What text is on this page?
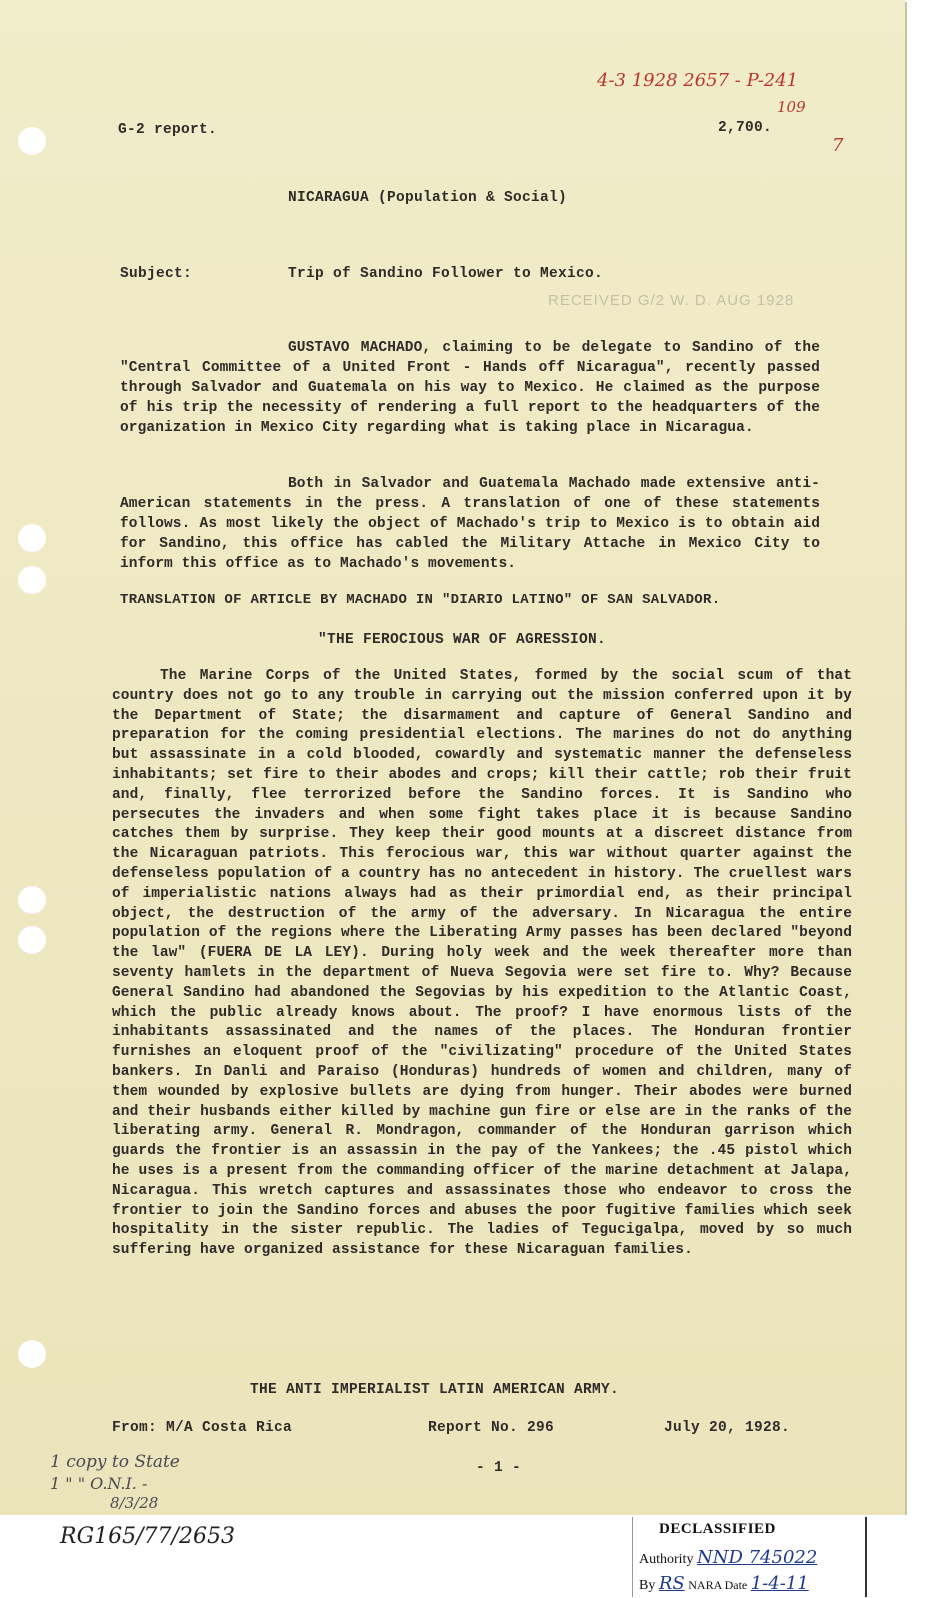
4-3 1928 2657 - P-241
109
7
G-2 report.	2,700.
NICARAGUA (Population & Social)
Subject:	Trip of Sandino Follower to Mexico.
RECEIVED G/2 W. D. AUG 1928
GUSTAVO MACHADO, claiming to be delegate to Sandino of the "Central Committee of a United Front - Hands off Nicaragua", recently passed through Salvador and Guatemala on his way to Mexico. He claimed as the purpose of his trip the necessity of rendering a full report to the headquarters of the organization in Mexico City regarding what is taking place in Nicaragua.
Both in Salvador and Guatemala Machado made extensive anti-American statements in the press. A translation of one of these statements follows. As most likely the object of Machado's trip to Mexico is to obtain aid for Sandino, this office has cabled the Military Attache in Mexico City to inform this office as to Machado's movements.
TRANSLATION OF ARTICLE BY MACHADO IN "DIARIO LATINO" OF SAN SALVADOR.
"THE FEROCIOUS WAR OF AGRESSION.
The Marine Corps of the United States, formed by the social scum of that country does not go to any trouble in carrying out the mission conferred upon it by the Department of State; the disarmament and capture of General Sandino and preparation for the coming presidential elections. The marines do not do anything but assassinate in a cold blooded, cowardly and systematic manner the defenseless inhabitants; set fire to their abodes and crops; kill their cattle; rob their fruit and, finally, flee terrorized before the Sandino forces. It is Sandino who persecutes the invaders and when some fight takes place it is because Sandino catches them by surprise. They keep their good mounts at a discreet distance from the Nicaraguan patriots. This ferocious war, this war without quarter against the defenseless population of a country has no antecedent in history. The cruellest wars of imperialistic nations always had as their primordial end, as their principal object, the destruction of the army of the adversary. In Nicaragua the entire population of the regions where the Liberating Army passes has been declared "beyond the law" (FUERA DE LA LEY). During holy week and the week thereafter more than seventy hamlets in the department of Nueva Segovia were set fire to. Why? Because General Sandino had abandoned the Segovias by his expedition to the Atlantic Coast, which the public already knows about. The proof? I have enormous lists of the inhabitants assassinated and the names of the places. The Honduran frontier furnishes an eloquent proof of the "civilizating" procedure of the United States bankers. In Danli and Paraiso (Honduras) hundreds of women and children, many of them wounded by explosive bullets are dying from hunger. Their abodes were burned and their husbands either killed by machine gun fire or else are in the ranks of the liberating army. General R. Mondragon, commander of the Honduran garrison which guards the frontier is an assassin in the pay of the Yankees; the .45 pistol which he uses is a present from the commanding officer of the marine detachment at Jalapa, Nicaragua. This wretch captures and assassinates those who endeavor to cross the frontier to join the Sandino forces and abuses the poor fugitive families which seek hospitality in the sister republic. The ladies of Tegucigalpa, moved by so much suffering have organized assistance for these Nicaraguan families.
THE ANTI IMPERIALIST LATIN AMERICAN ARMY.
From: M/A Costa Rica	Report No. 296	July 20, 1928.
- 1 -
1 copy to State
1 " " O.N.I. -
8/3/28
RG165/77/2653	DECLASSIFIED
Authority NND 745022
By RS NARA Date 1-4-11
